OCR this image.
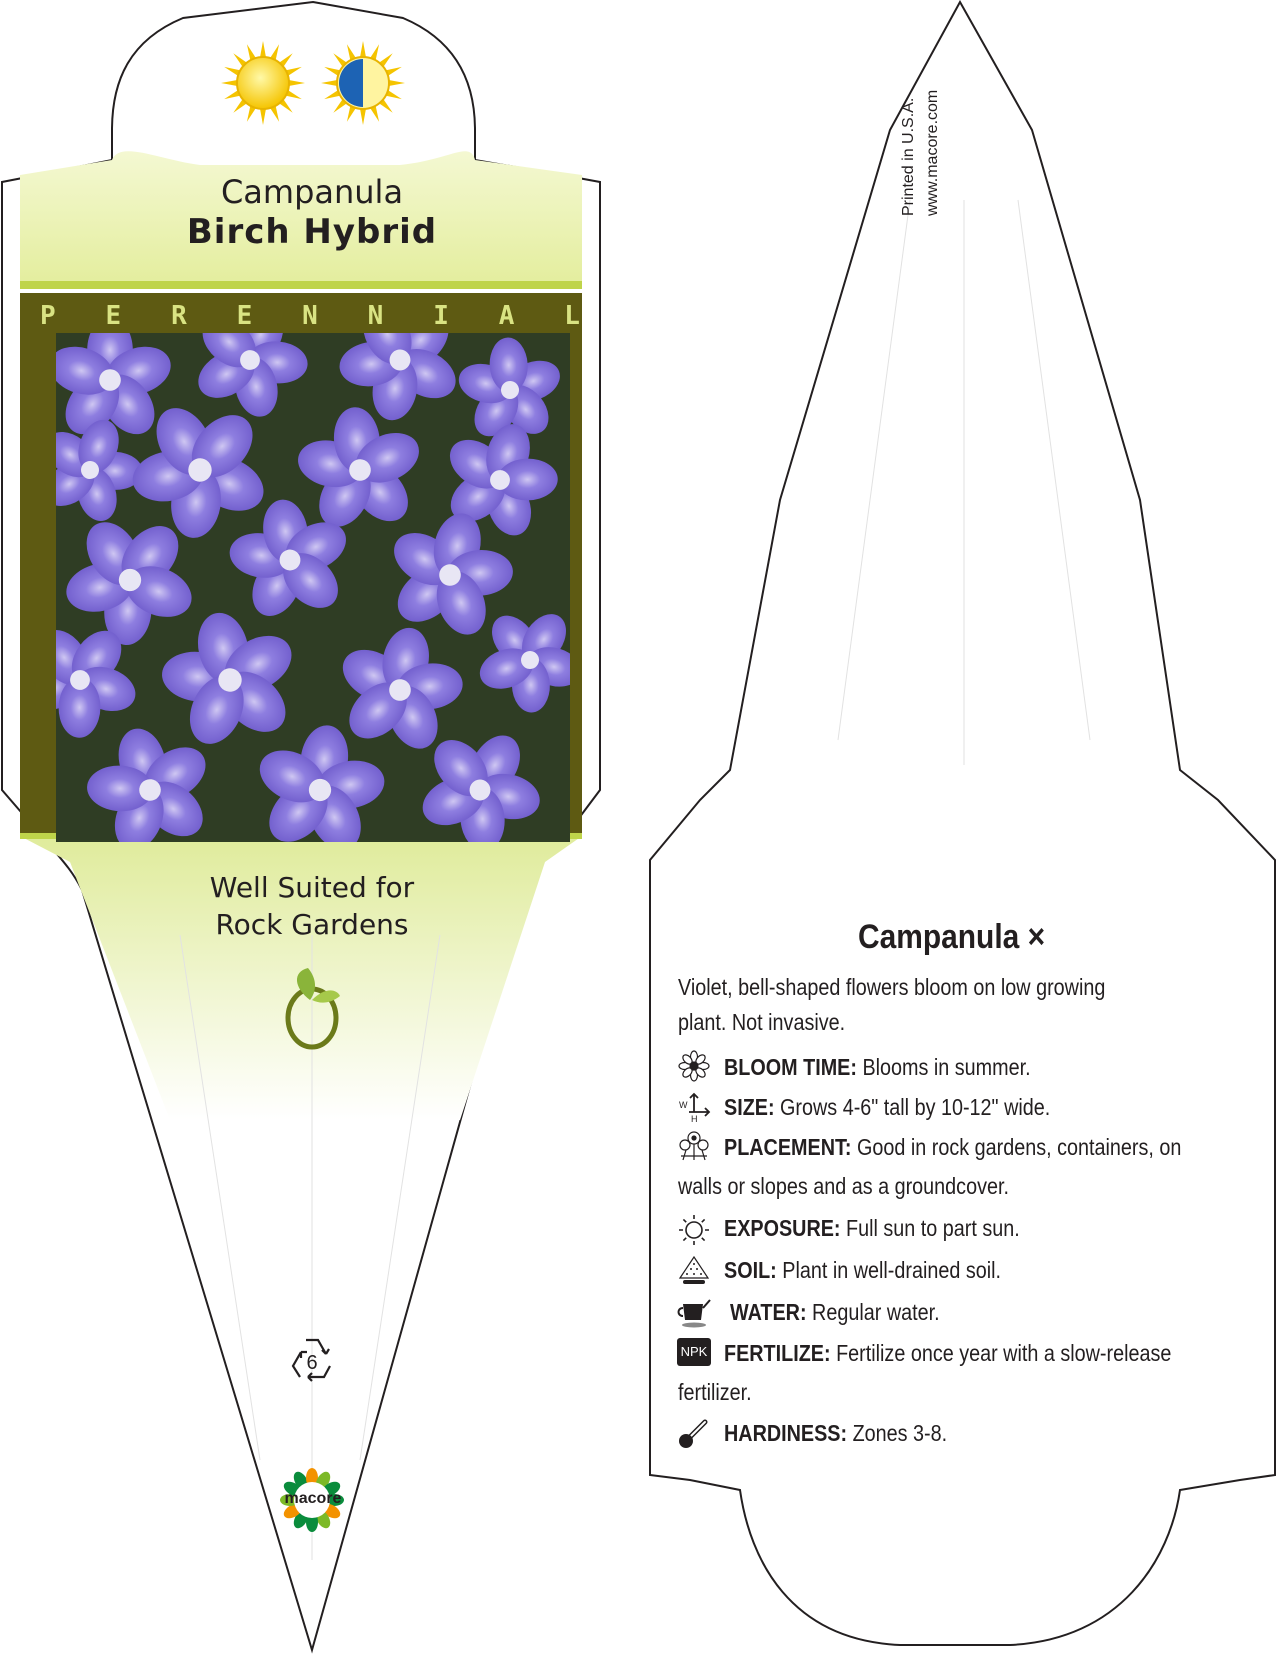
Campanula
Birch Hybrid
P E R E N N I A L
Well Suited for
Rock Gardens
6
macore
Printed in U.S.A. www.macore.com
Campanula ×
Violet, bell-shaped flowers bloom on low growing
plant. Not invasive.
BLOOM TIME: Blooms in summer.
W
H SIZE: Grows 4-6" tall by 10-12" wide.
PLACEMENT: Good in rock gardens, containers, on
walls or slopes and as a groundcover.
EXPOSURE: Full sun to part sun.
SOIL: Plant in well-drained soil.
WATER: Regular water.
NPK FERTILIZE: Fertilize once year with a slow-release
fertilizer.
HARDINESS: Zones 3-8.
